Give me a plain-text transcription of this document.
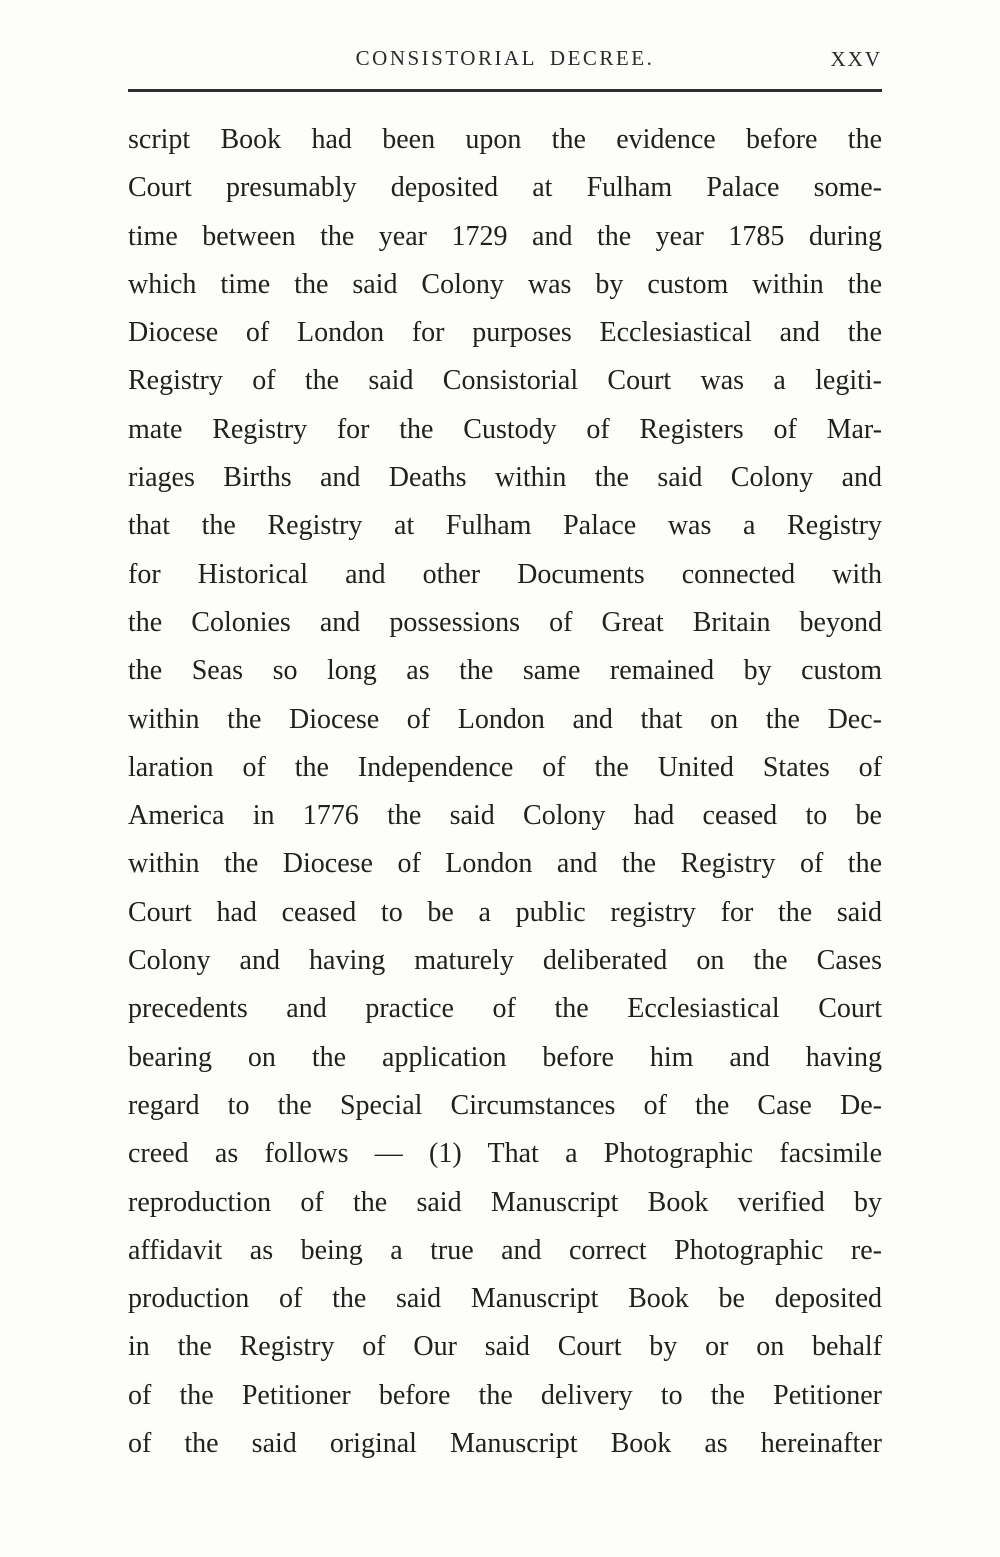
CONSISTORIAL DECREE.	XXV
script Book had been upon the evidence before the
Court presumably deposited at Fulham Palace some-
time between the year 1729 and the year 1785 during
which time the said Colony was by custom within the
Diocese of London for purposes Ecclesiastical and the
Registry of the said Consistorial Court was a legiti-
mate Registry for the Custody of Registers of Mar-
riages Births and Deaths within the said Colony and
that the Registry at Fulham Palace was a Registry
for Historical and other Documents connected with
the Colonies and possessions of Great Britain beyond
the Seas so long as the same remained by custom
within the Diocese of London and that on the Dec-
laration of the Independence of the United States of
America in 1776 the said Colony had ceased to be
within the Diocese of London and the Registry of the
Court had ceased to be a public registry for the said
Colony and having maturely deliberated on the Cases
precedents and practice of the Ecclesiastical Court
bearing on the application before him and having
regard to the Special Circumstances of the Case De-
creed as follows — (1) That a Photographic facsimile
reproduction of the said Manuscript Book verified by
affidavit as being a true and correct Photographic re-
production of the said Manuscript Book be deposited
in the Registry of Our said Court by or on behalf
of the Petitioner before the delivery to the Petitioner
of the said original Manuscript Book as hereinafter
